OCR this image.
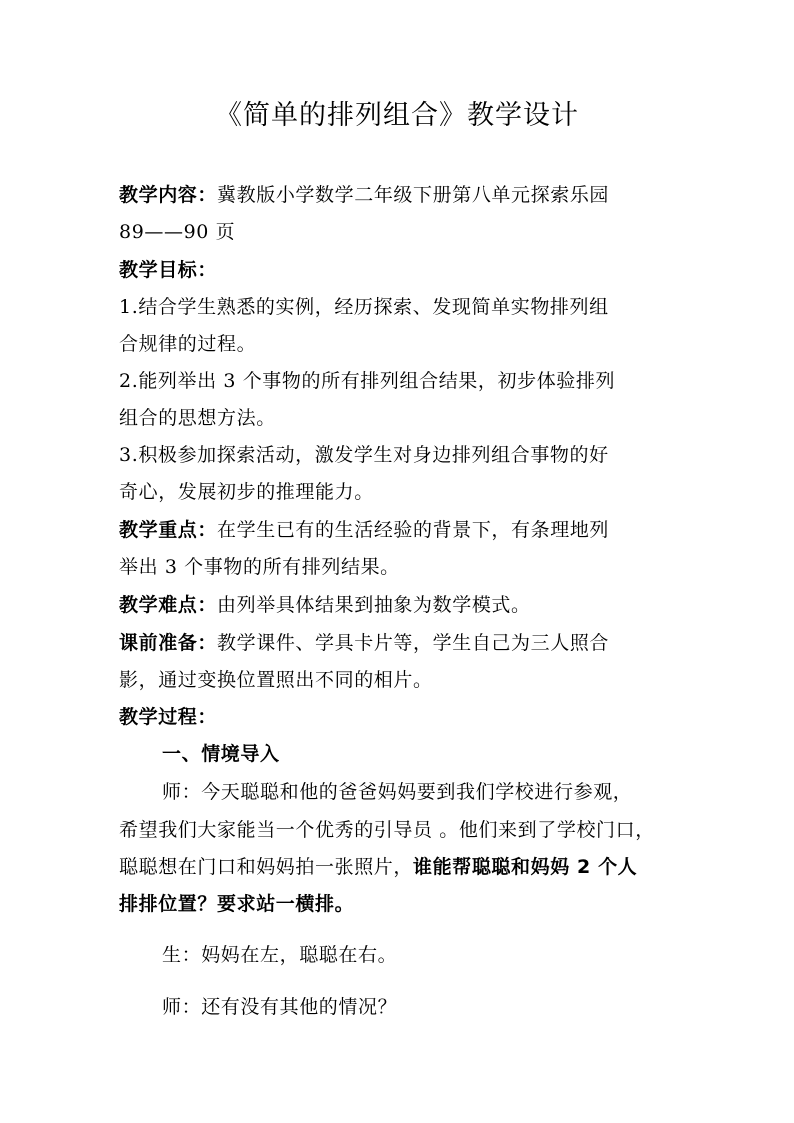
《简单的排列组合》教学设计
教学内容：冀教版小学数学二年级下册第八单元探索乐园
89——90 页
教学目标：
1.结合学生熟悉的实例，经历探索、发现简单实物排列组
合规律的过程。
2.能列举出 3 个事物的所有排列组合结果，初步体验排列
组合的思想方法。
3.积极参加探索活动，激发学生对身边排列组合事物的好
奇心，发展初步的推理能力。
教学重点：在学生已有的生活经验的背景下，有条理地列
举出 3 个事物的所有排列结果。
教学难点：由列举具体结果到抽象为数学模式。
课前准备：教学课件、学具卡片等，学生自己为三人照合
影，通过变换位置照出不同的相片。
教学过程：
一、情境导入
师：今天聪聪和他的爸爸妈妈要到我们学校进行参观，
希望我们大家能当一个优秀的引导员 。他们来到了学校门口，
聪聪想在门口和妈妈拍一张照片，谁能帮聪聪和妈妈 2 个人
排排位置？要求站一横排。
生：妈妈在左，聪聪在右。
师：还有没有其他的情况？
